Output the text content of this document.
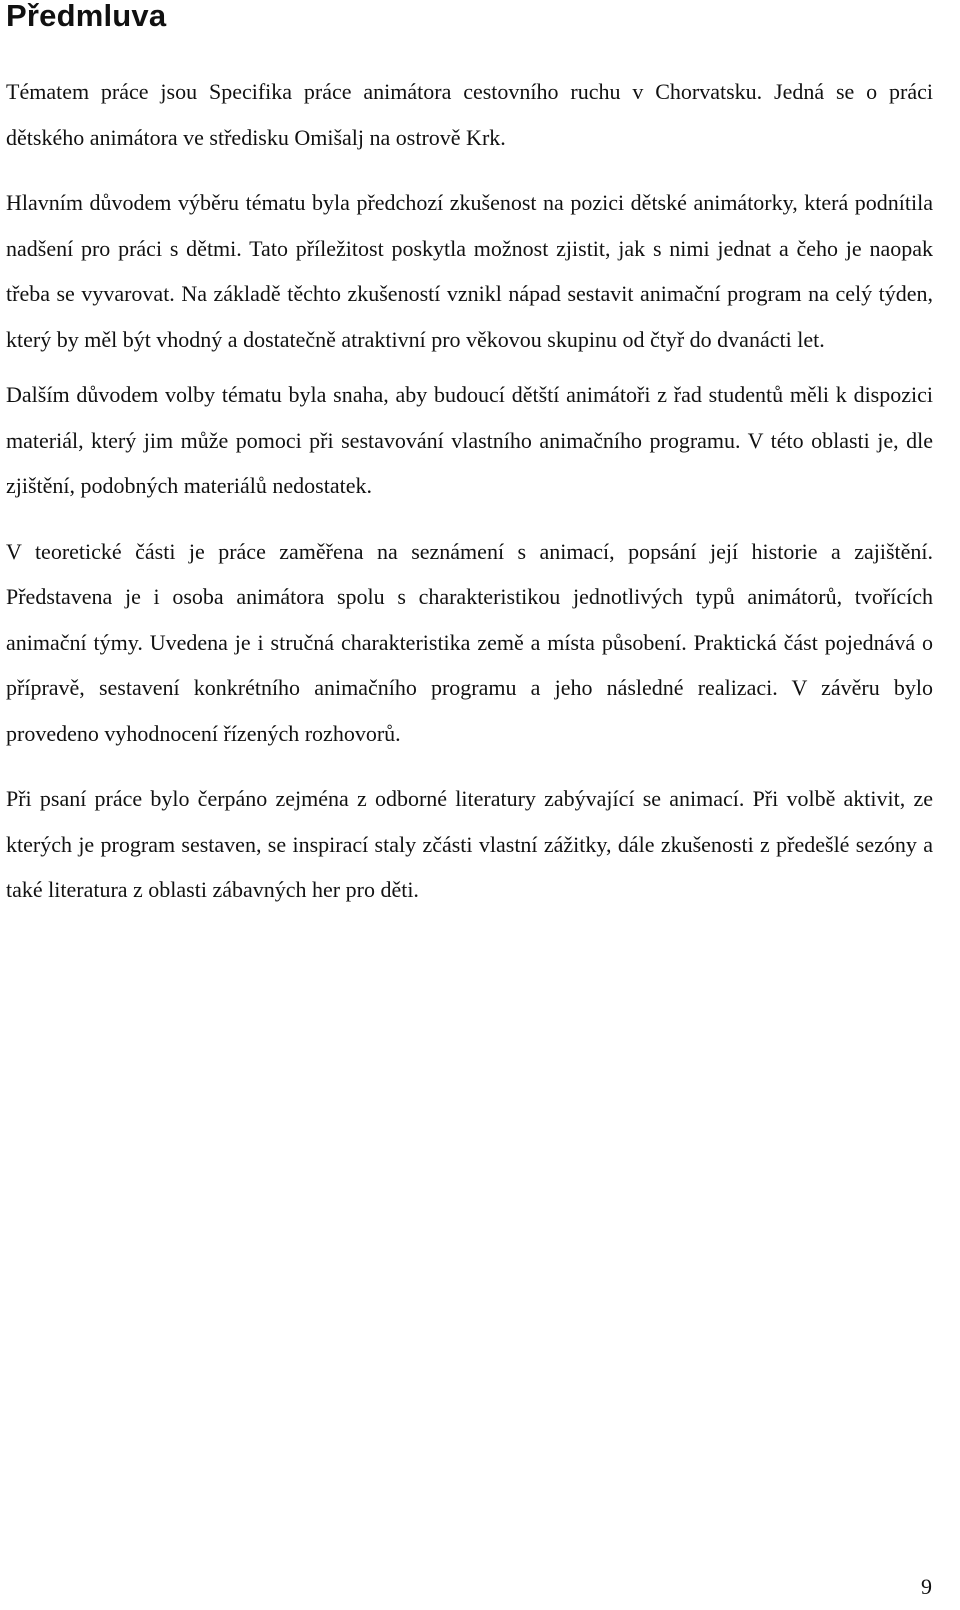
Předmluva

Tématem práce jsou Specifika práce animátora cestovního ruchu v Chorvatsku. Jedná se o práci dětského animátora ve středisku Omišalj na ostrově Krk.

Hlavním důvodem výběru tématu byla předchozí zkušenost na pozici dětské animátorky, která podnítila nadšení pro práci s dětmi. Tato příležitost poskytla možnost zjistit, jak s nimi jednat a čeho je naopak třeba se vyvarovat. Na základě těchto zkušeností vznikl nápad sestavit animační program na celý týden, který by měl být vhodný a dostatečně atraktivní pro věkovou skupinu od čtyř do dvanácti let.

Dalším důvodem volby tématu byla snaha, aby budoucí dětští animátoři z řad studentů měli k dispozici materiál, který jim může pomoci při sestavování vlastního animačního programu. V této oblasti je, dle zjištění, podobných materiálů nedostatek.

V teoretické části je práce zaměřena na seznámení s animací, popsání její historie a zajištění. Představena je i osoba animátora spolu s charakteristikou jednotlivých typů animátorů, tvořících animační týmy. Uvedena je i stručná charakteristika země a místa působení. Praktická část pojednává o přípravě, sestavení konkrétního animačního programu a jeho následné realizaci. V závěru bylo provedeno vyhodnocení řízených rozhovorů.

Při psaní práce bylo čerpáno zejména z odborné literatury zabývající se animací. Při volbě aktivit, ze kterých je program sestaven, se inspirací staly zčásti vlastní zážitky, dále zkušenosti z předešlé sezóny a také literatura z oblasti zábavných her pro děti.

9
